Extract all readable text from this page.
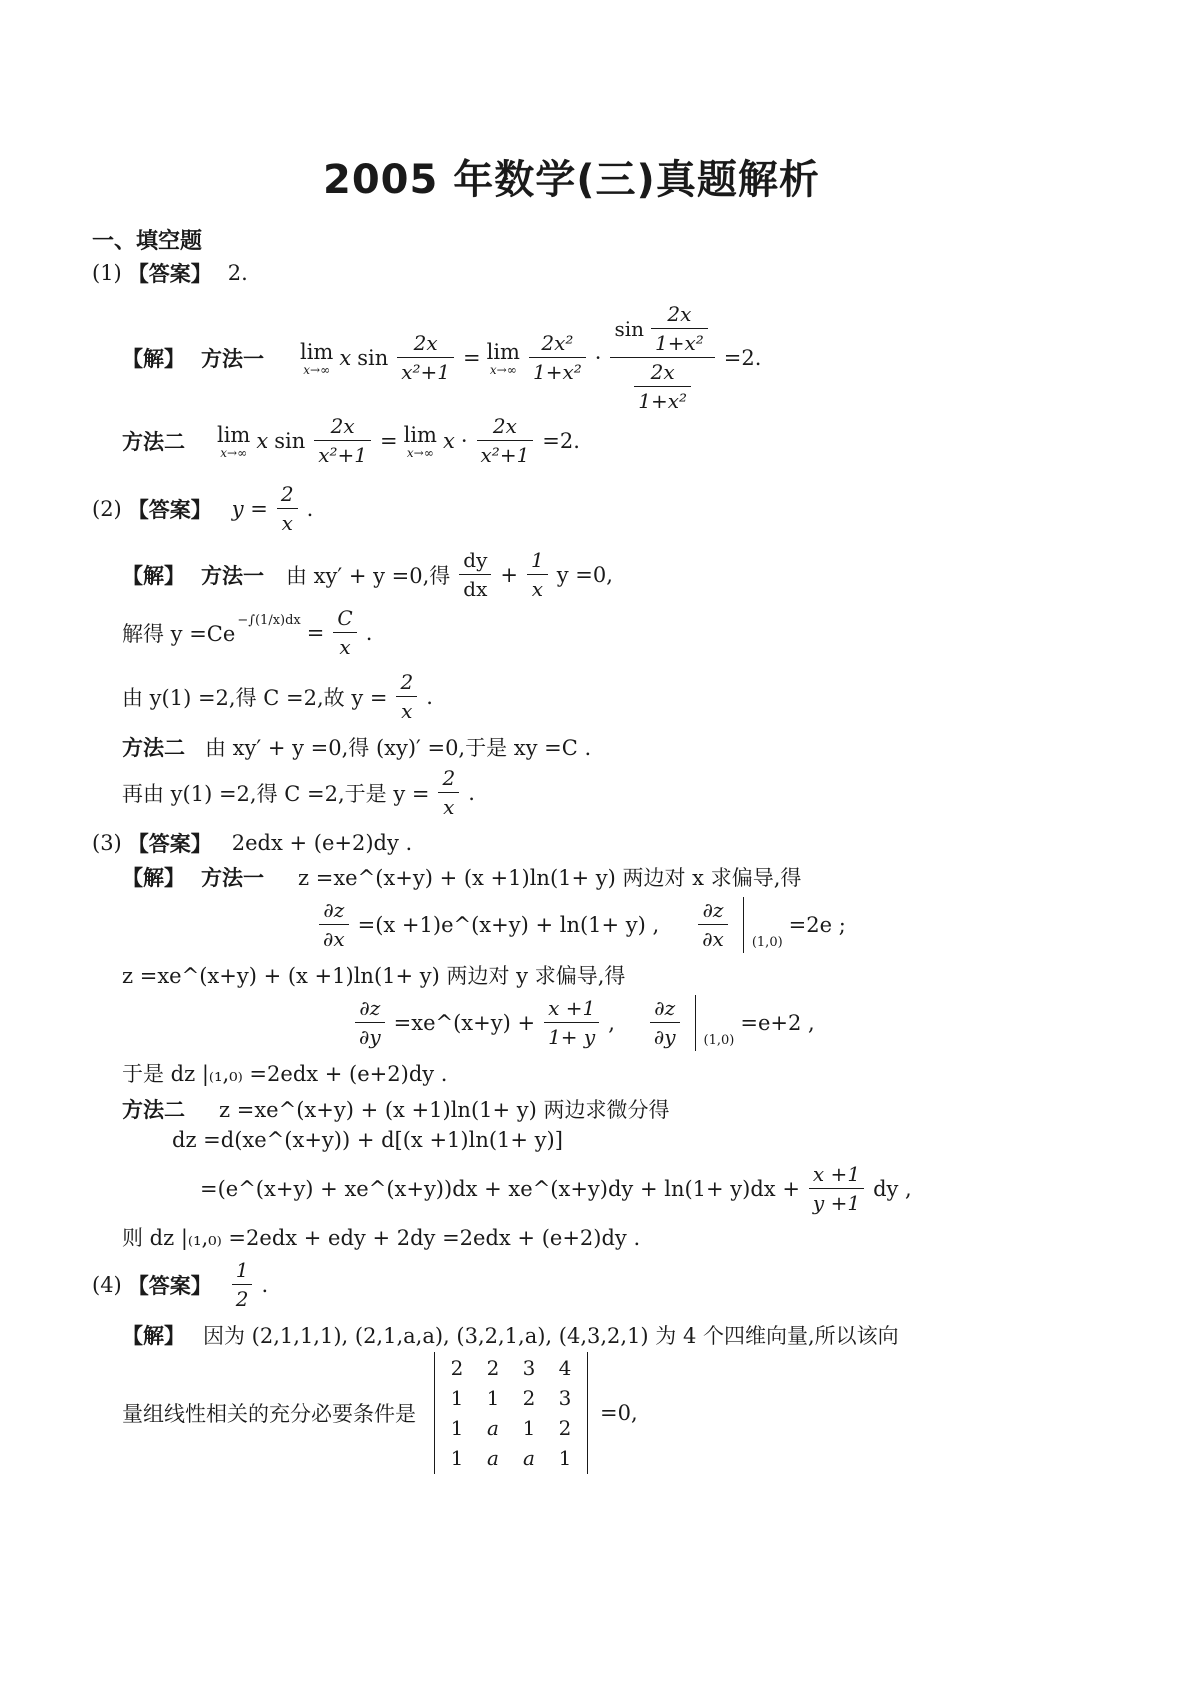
2005 年数学(三)真题解析
一、填空题
(1) 【答案】 2.
【解】 方法一 lim
x→∞ x $\sin \frac{2x}{\text{x²+1}} = \lim$
$x\to\infty \frac{\text{2x²}}{\text{1+x²}} \cdot \frac{\sin \frac{2x}{\text{1+x²}}}{\frac{2x}{\text{1+x²}}} =2$.
方法二 lim
x→∞ x $\sin \frac{2x}{\text{x²+1}} = \lim$
x→∞ $x \cdot \frac{2x}{\text{x²+1}} =2$.
(2) 【答案】 $y = \frac{2}{x}$ .
【解】 方法一 由 xy′ + y =0,得 $\frac{dy}{dx} + \frac{1}{x}$ y =0,
解得 y =Ce
$-\int(1/x)dx = \frac{C}{x}$ .
由 y(1) =2,得 C =2,故 $y = \frac{2}{x}$ .
方法二 由 xy′ + y =0,得 (xy)′ =0,于是 xy =C .
再由 y(1) =2,得 C =2,于是 $y = \frac{2}{x}$ .
(3) 【答案】 2edx + (e+2)dy .
【解】 方法一 z =xe^(x+y) + (x +1)ln(1+ y) 两边对 x 求偏导,得
$\frac{\partial z}{\partial x} =(x$ +1)e^(x+y) + ln(1+ y) , $\frac{\partial z}{\partial x} (1,0)$
=2e ;
z =xe^(x+y) + (x +1)ln(1+ y) 两边对 y 求偏导,得
$\frac{\partial z}{\partial y}$ =xe^(x+y) + $\frac{x +1}{1+ y}$ , $\frac{\partial z}{\partial y} (1,0)$
=e+2 ,
于是 dz |₍₁,₀₎ =2edx + (e+2)dy .
方法二 z =xe^(x+y) + (x +1)ln(1+ y) 两边求微分得
dz =d(xe^(x+y)) + d[(x +1)ln(1+ y)]
=(e^(x+y) + xe^(x+y))dx + xe^(x+y)dy + $\ln(1+ y)dx + \frac{x +1}{y +1}$ dy ,
则 dz |₍₁,₀₎ =2edx + edy + 2dy =2edx + (e+2)dy .
(4) 【答案】 $\frac{1}{2}$ .
【解】 因为 (2,1,1,1), (2,1,a,a), (3,2,1,a), (4,3,2,1) 为 4 个四维向量,所以该向
量组线性相关的充分必要条件是
2	2	3	4
1	1	2	3
1	a	1	2
1	a	a	1
=0,
